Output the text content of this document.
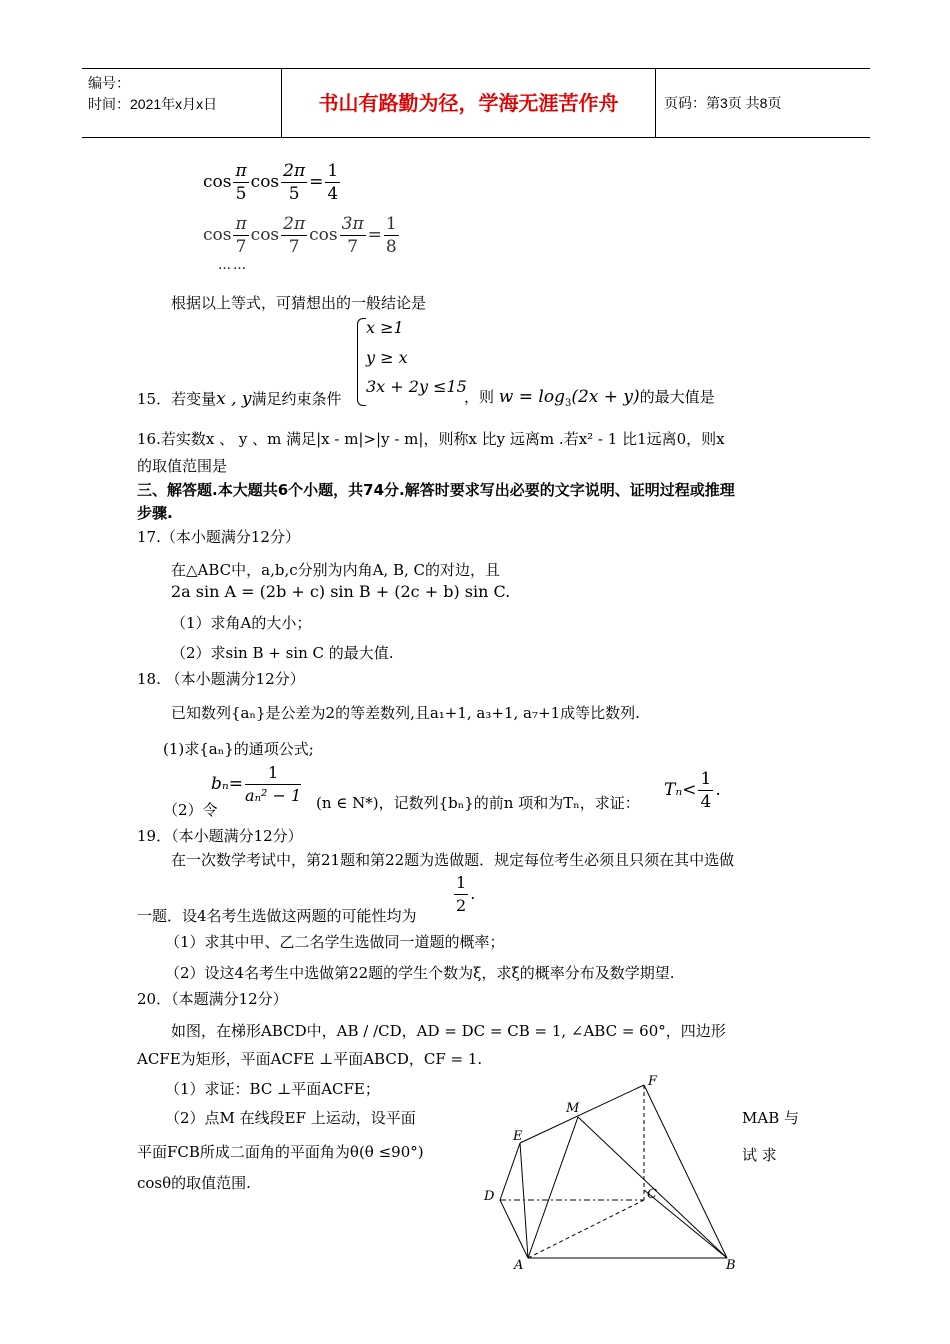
编号：
时间：2021年x月x日	书山有路勤为径，学海无涯苦作舟	页码：第3页 共8页
$\cos \frac{\pi}{5}$ $\cos \frac{2\pi}{5} = \frac{1}{4}$
$\cos \frac{\pi}{7}$ $\cos \frac{2\pi}{7}$ $\cos \frac{3\pi}{7} = \frac{1}{8}$
……
根据以上等式，可猜想出的一般结论是
x ≥1
y ≥ x
3x + 2y ≤15
15．若变量x , y满足约束条件	，则 $w = \log_3(2x + y)$的最大值是
16.若实数x 、 y 、m 满足|x - m|>|y - m|，则称x 比y 远离m .若x² - 1 比1远离0，则x
的取值范围是
三、解答题.本大题共6个小题，共74分.解答时要求写出必要的文字说明、证明过程或推理
步骤.
17.（本小题满分12分）
在△ABC中，a,b,c分别为内角A, B, C的对边，且
2a sin A = (2b + c) sin B + (2c + b) sin C.
（1）求角A的大小；
（2）求sin B + sin C 的最大值.
18. （本小题满分12分）
已知数列{aₙ}是公差为2的等差数列,且a₁+1, a₃+1, a₇+1成等比数列.
(1)求{aₙ}的通项公式;
（2）令
$b_n= \frac{1}{\text{aₙ² − 1}} (n$ ∈ N*)，记数列{bₙ}的前n 项和为Tₙ，求证：
$T_n< \frac{1}{4}$ .
19．（本小题满分12分）
在一次数学考试中，第21题和第22题为选做题．规定每位考生必须且只须在其中选做
一题．设4名考生选做这两题的可能性均为 $\frac{1}{2}$ .
（1）求其中甲、乙二名学生选做同一道题的概率；
（2）设这4名考生中选做第22题的学生个数为ξ，求ξ的概率分布及数学期望.
20．（本题满分12分）
如图，在梯形ABCD中，AB / /CD，AD = DC = CB = 1, ∠ABC = 60°，四边形
ACFE为矩形，平面ACFE ⊥平面ABCD，CF = 1.
（1）求证：BC ⊥平面ACFE；
（2）点M 在线段EF 上运动，设平面	MAB 与
平面FCB所成二面角的平面角为θ(θ ≤90°)	试 求
cosθ的取值范围.
F
M
E
D	C
A	B
